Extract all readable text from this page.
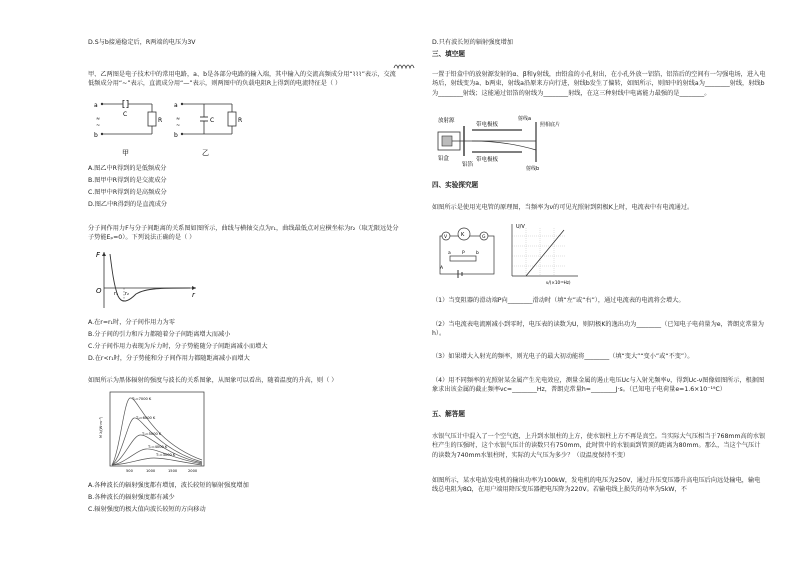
D.S与b接通稳定后，R两端的电压为3V
甲、乙两图是电子技术中的常用电路，a、b是各部分电路的输入端，其中输入的交流高频成分用“⌇⌇⌇”表示，交流低频成分用“~”表示，直流成分用“—”表示，则两图中的负载电阻R上得到的电流特征是（ ）
a
b
C
R
≈
~
甲
a
b
C	R
≈
~
乙
A.图乙中R得到的是低频成分
B.图甲中R得到的是交流成分
C.图甲中R得到的是高频成分
D.图乙中R得到的是直流成分
分子间作用力F与分子间距离的关系图如图所示，曲线与横轴交点为r₁，曲线最低点对应横坐标为r₂（取无限远处分子势能Eₚ=0）。下列说法正确的是（ ）
F
r
O r₁ r₂
A.在r=r₁时，分子间作用力为零
B.分子间的引力和斥力都随着分子间距离增大而减小
C.分子间作用力表现为斥力时，分子势能随分子间距离减小而增大
D.在r<r₁时，分子势能和分子间作用力都随距离减小而增大
如图所示为黑体辐射的强度与波长的关系图象，从图象可以看出，随着温度的升高，则（ ）
T₅=7000 K
T₄=6000 K
T₃=5000 K
T₂=4000 K
T₁=3000 K
M λ/(W·m⁻³)
500	1000	1500	2000
A.各种波长的辐射强度都有增加，波长较短的辐射强度增加
B.各种波长的辐射强度都有减少
C.辐射强度的极大值向波长较短的方向移动
D.只有波长短的辐射强度增加
三、填空题
一置于铅盒中的放射源发射的α、β和γ射线，由铅盒的小孔射出，在小孔外放一铝箔，铝箔后的空间有一匀强电场，进入电场后，射线变为a、b两束，射线a沿原来方向行进，射线b发生了偏转，如图所示，则图中的射线a为________射线，射线b为________射线；这能通过铝箔的射线为________射线，在这三种射线中电离能力最强的是________。
放射源
带电极板
带电极板
铅盒
铝箔
射线a
射线b
照相底片
四、实验探究题
如图所示是使用光电管的原理图，当频率为ν的可见光照射到阴极K上时，电流表中有电流通过。
K
V	G
a P	b
A
U/V
ν/(×10¹⁴Hz)
（1）当变阻器的滑动端P向________滑动时（填“左”或“右”），通过电流表的电流将会增大。
（2）当电流表电流刚减小到零时，电压表的读数为U，则阴极K的逸出功为________（已知电子电荷量为e，普朗克常量为h）。
（3）如果增大入射光的频率，则光电子的最大初动能将________（填“变大”“变小”或“不变”）。
（4）用不同频率的光照射某金属产生光电效应，测量金属的遏止电压Uc与入射光频率ν，得到Uc-ν图像如图所示，根据图象求出该金属的截止频率νc=________Hz，普朗克常量h=________J·s。（已知电子电荷量e=1.6×10⁻¹⁹C）
五、解答题
水银气压计中混入了一个空气泡，上升到水银柱的上方，使水银柱上方不再是真空。当实际大气压相当于768mm高的水银柱产生的压强时，这个水银气压计的读数只有750mm，此时管中的水银面到管顶的距离为80mm。那么，当这个气压计的读数为740mm水银柱时，实际的大气压为多少？（设温度保持不变）
如图所示，某水电站发电机的输出功率为100kW，发电机的电压为250V，通过升压变压器升高电压后向远处输电，输电线总电阻为8Ω，在用户端用降压变压器把电压降为220V。若输电线上损失的功率为5kW，不
